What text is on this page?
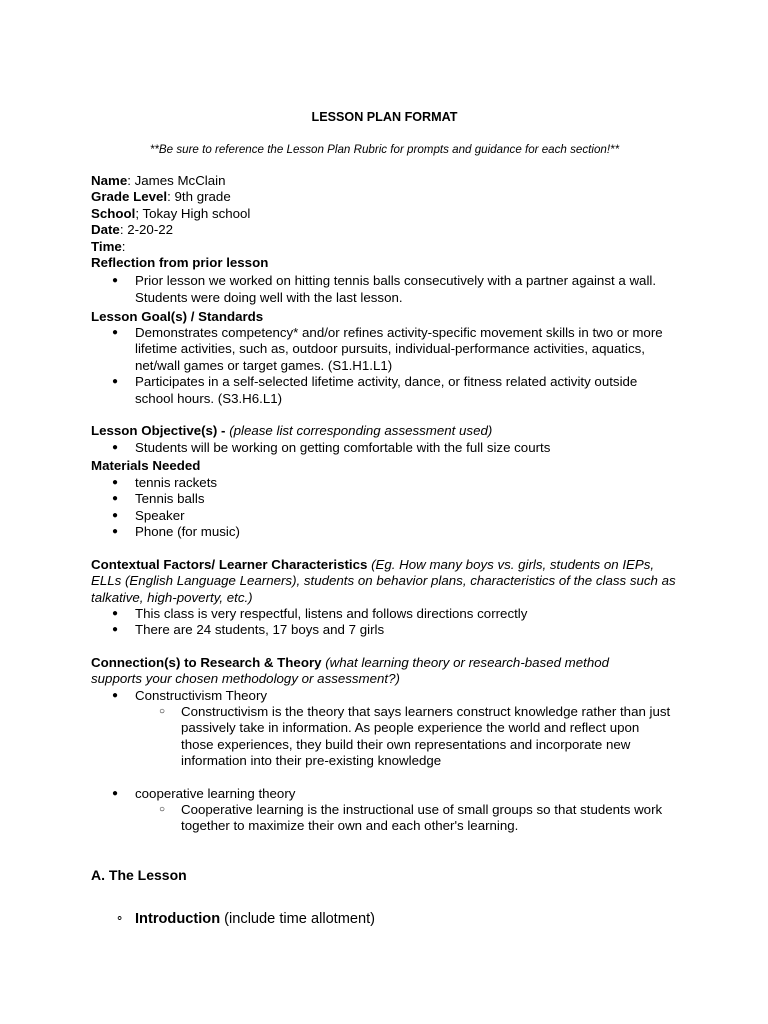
LESSON PLAN FORMAT
**Be sure to reference the Lesson Plan Rubric for prompts and guidance for each section!**
Name: James McClain
Grade Level: 9th grade
School; Tokay High school
Date: 2-20-22
Time:
Reflection from prior lesson
● Prior lesson we worked on hitting tennis balls consecutively with a partner against a wall. Students were doing well with the last lesson.
Lesson Goal(s) / Standards
● Demonstrates competency* and/or refines activity-specific movement skills in two or more lifetime activities, such as, outdoor pursuits, individual-performance activities, aquatics, net/wall games or target games. (S1.H1.L1)
● Participates in a self-selected lifetime activity, dance, or fitness related activity outside school hours. (S3.H6.L1)
Lesson Objective(s) - (please list corresponding assessment used)
● Students will be working on getting comfortable with the full size courts
Materials Needed
● tennis rackets
● Tennis balls
● Speaker
● Phone (for music)
Contextual Factors/ Learner Characteristics (Eg. How many boys vs. girls, students on IEPs, ELLs (English Language Learners), students on behavior plans, characteristics of the class such as talkative, high-poverty, etc.)
● This class is very respectful, listens and follows directions correctly
● There are 24 students, 17 boys and 7 girls
Connection(s) to Research & Theory (what learning theory or research-based method supports your chosen methodology or assessment?)
● Constructivism Theory
○ Constructivism is the theory that says learners construct knowledge rather than just passively take in information. As people experience the world and reflect upon those experiences, they build their own representations and incorporate new information into their pre-existing knowledge
● cooperative learning theory
○ Cooperative learning is the instructional use of small groups so that students work together to maximize their own and each other's learning.
A. The Lesson
⚬ Introduction (include time allotment)
